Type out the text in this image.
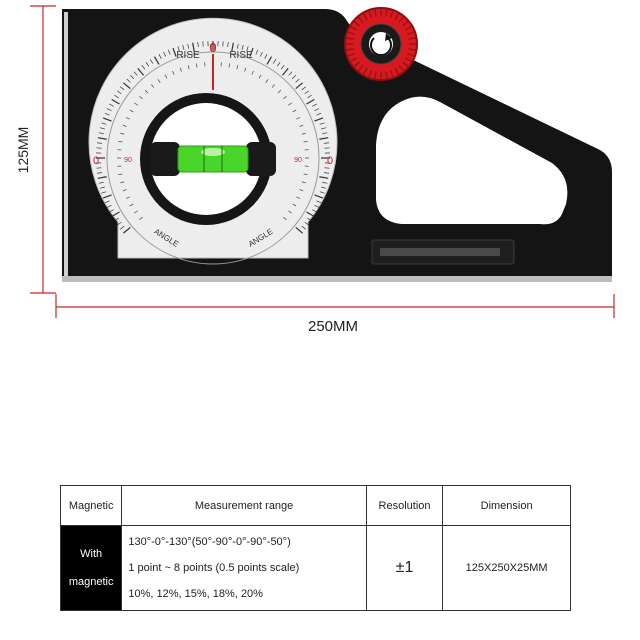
125MM
250MM
0
RISE	RISE
ANGLE	ANGLE
0	0
90	90
Magnetic	Measurement range	Resolution	Dimension

With
magnetic	130°-0°-130°(50°-90°-0°-90°-50°)
1 point ~ 8 points (0.5 points scale)
10%, 12%, 15%, 18%, 20%	±1	125X250X25MM
